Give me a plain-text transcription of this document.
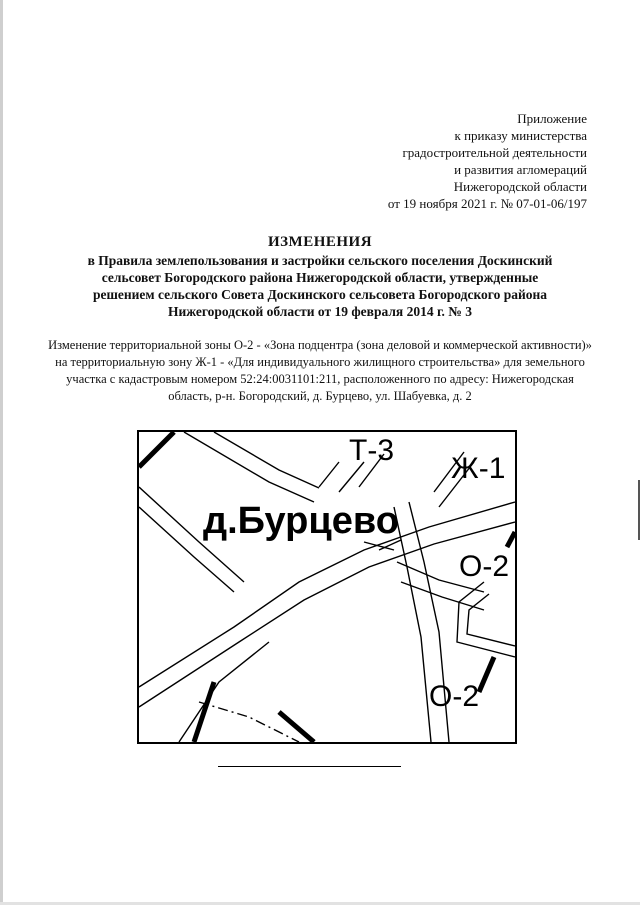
Приложение
к приказу министерства
градостроительной деятельности
и развития агломераций
Нижегородской области
от 19 ноября 2021 г. № 07-01-06/197
ИЗМЕНЕНИЯ
в Правила землепользования и застройки сельского поселения Доскинский
сельсовет Богородского района Нижегородской области, утвержденные
решением сельского Совета Доскинского сельсовета Богородского района
Нижегородской области от 19 февраля 2014 г. № 3
Изменение территориальной зоны О-2 - «Зона подцентра (зона деловой и коммерческой активности)»
на территориальную зону Ж-1 - «Для индивидуального жилищного строительства» для земельного
участка с кадастровым номером 52:24:0031101:211, расположенного по адресу: Нижегородская
область, р-н. Богородский, д. Бурцево, ул. Шабуевка, д. 2
Т-3
Ж-1
д.Бурцево
О-2
О-2
